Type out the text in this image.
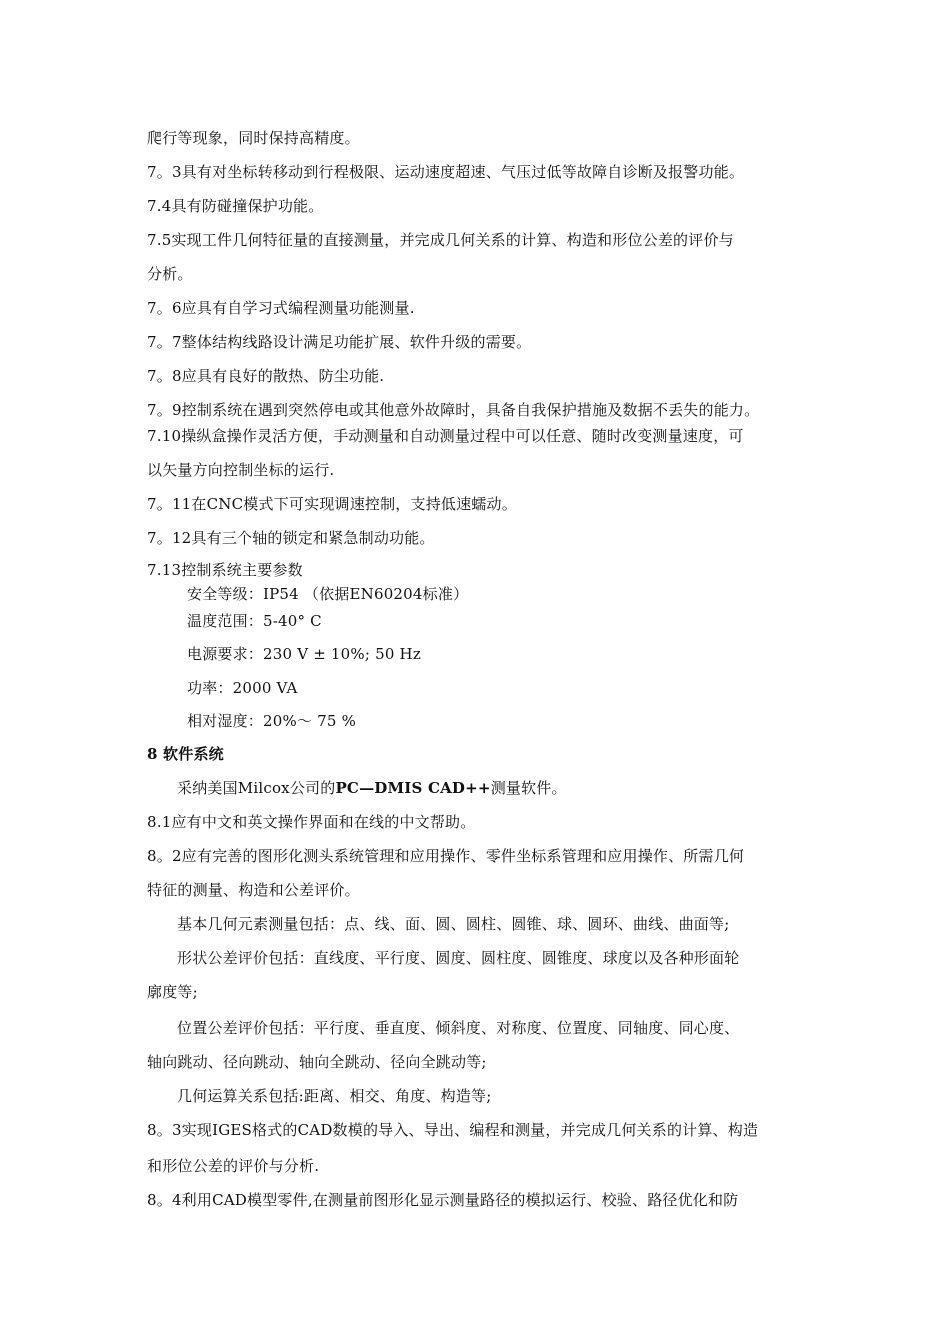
爬行等现象，同时保持高精度。
7。3具有对坐标转移动到行程极限、运动速度超速、气压过低等故障自诊断及报警功能。
7.4具有防碰撞保护功能。
7.5实现工件几何特征量的直接测量，并完成几何关系的计算、构造和形位公差的评价与
分析。
7。6应具有自学习式编程测量功能测量.
7。7整体结构线路设计满足功能扩展、软件升级的需要。
7。8应具有良好的散热、防尘功能.
7。9控制系统在遇到突然停电或其他意外故障时，具备自我保护措施及数据不丢失的能力。
7.10操纵盒操作灵活方便，手动测量和自动测量过程中可以任意、随时改变测量速度，可
以矢量方向控制坐标的运行.
7。11在CNC模式下可实现调速控制，支持低速蠕动。
7。12具有三个轴的锁定和紧急制动功能。
7.13控制系统主要参数
安全等级：IP54 （依据EN60204标准）
温度范围：5-40° C
电源要求：230 V ± 10%; 50 Hz
功率：2000 VA
相对湿度：20%～ 75 %
8 软件系统
采纳美国Milcox公司的PC—DMIS CAD++测量软件。
8.1应有中文和英文操作界面和在线的中文帮助。
8。2应有完善的图形化测头系统管理和应用操作、零件坐标系管理和应用操作、所需几何
特征的测量、构造和公差评价。
基本几何元素测量包括：点、线、面、圆、圆柱、圆锥、球、圆环、曲线、曲面等;
形状公差评价包括：直线度、平行度、圆度、圆柱度、圆锥度、球度以及各种形面轮
廓度等;
位置公差评价包括：平行度、垂直度、倾斜度、对称度、位置度、同轴度、同心度、
轴向跳动、径向跳动、轴向全跳动、径向全跳动等;
几何运算关系包括:距离、相交、角度、构造等;
8。3实现IGES格式的CAD数模的导入、导出、编程和测量，并完成几何关系的计算、构造
和形位公差的评价与分析.
8。4利用CAD模型零件,在测量前图形化显示测量路径的模拟运行、校验、路径优化和防
